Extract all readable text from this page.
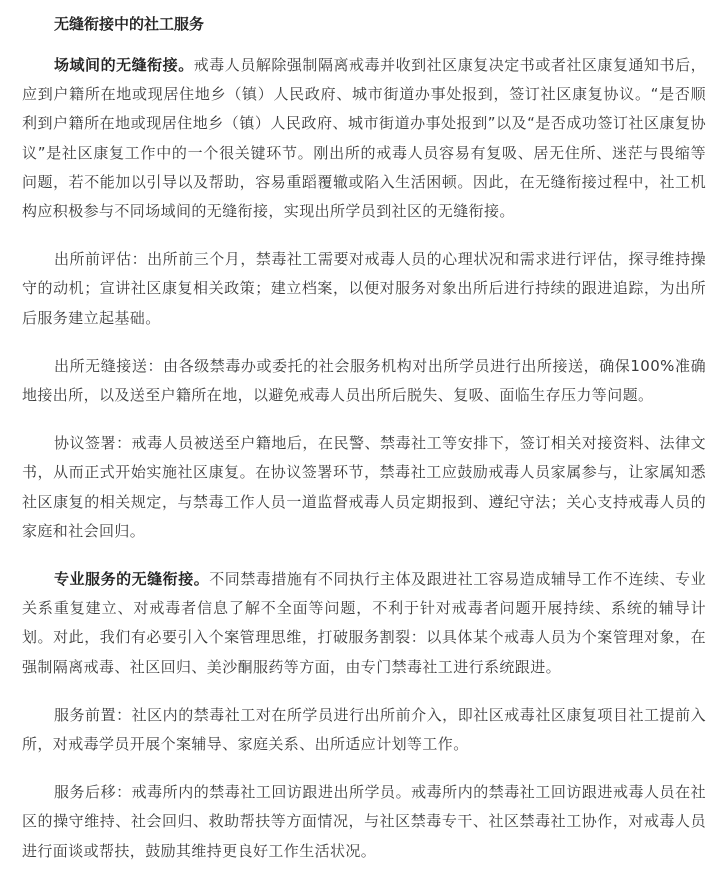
无缝衔接中的社工服务

场域间的无缝衔接。戒毒人员解除强制隔离戒毒并收到社区康复决定书或者社区康复通知书后，应到户籍所在地或现居住地乡（镇）人民政府、城市街道办事处报到，签订社区康复协议。“是否顺利到户籍所在地或现居住地乡（镇）人民政府、城市街道办事处报到”以及“是否成功签订社区康复协议”是社区康复工作中的一个很关键环节。刚出所的戒毒人员容易有复吸、居无住所、迷茫与畏缩等问题，若不能加以引导以及帮助，容易重蹈覆辙或陷入生活困顿。因此，在无缝衔接过程中，社工机构应积极参与不同场域间的无缝衔接，实现出所学员到社区的无缝衔接。

出所前评估：出所前三个月，禁毒社工需要对戒毒人员的心理状况和需求进行评估，探寻维持操守的动机；宣讲社区康复相关政策；建立档案，以便对服务对象出所后进行持续的跟进追踪，为出所后服务建立起基础。

出所无缝接送：由各级禁毒办或委托的社会服务机构对出所学员进行出所接送，确保100%准确地接出所，以及送至户籍所在地，以避免戒毒人员出所后脱失、复吸、面临生存压力等问题。

协议签署：戒毒人员被送至户籍地后，在民警、禁毒社工等安排下，签订相关对接资料、法律文书，从而正式开始实施社区康复。在协议签署环节，禁毒社工应鼓励戒毒人员家属参与，让家属知悉社区康复的相关规定，与禁毒工作人员一道监督戒毒人员定期报到、遵纪守法；关心支持戒毒人员的家庭和社会回归。

专业服务的无缝衔接。不同禁毒措施有不同执行主体及跟进社工容易造成辅导工作不连续、专业关系重复建立、对戒毒者信息了解不全面等问题，不利于针对戒毒者问题开展持续、系统的辅导计划。对此，我们有必要引入个案管理思维，打破服务割裂：以具体某个戒毒人员为个案管理对象，在强制隔离戒毒、社区回归、美沙酮服药等方面，由专门禁毒社工进行系统跟进。

服务前置：社区内的禁毒社工对在所学员进行出所前介入，即社区戒毒社区康复项目社工提前入所，对戒毒学员开展个案辅导、家庭关系、出所适应计划等工作。

服务后移：戒毒所内的禁毒社工回访跟进出所学员。戒毒所内的禁毒社工回访跟进戒毒人员在社区的操守维持、社会回归、救助帮扶等方面情况，与社区禁毒专干、社区禁毒社工协作，对戒毒人员进行面谈或帮扶，鼓励其维持更良好工作生活状况。
